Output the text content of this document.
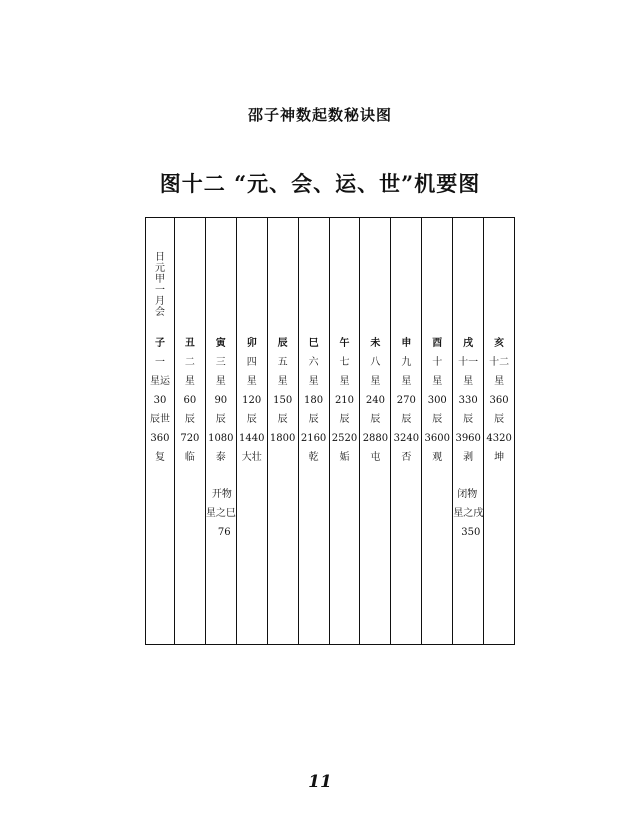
邵子神数起数秘诀图
图十二 “元、会、运、世”机要图
日
元
甲
一
月
会
子
一
星运
30
辰世
360
复
丑
二
星
60
辰
720
临
寅
三
星
90
辰
1080
泰
开物
星之巳
76
卯
四
星
120
辰
1440
大壮
辰
五
星
150
辰
1800
巳
六
星
180
辰
2160
乾
午
七
星
210
辰
2520
姤
未
八
星
240
辰
2880
屯
申
九
星
270
辰
3240
否
酉
十
星
300
辰
3600
观
戌
十一
星
330
辰
3960
剥
闭物
星之戌
350
亥
十二
星
360
辰
4320
坤
11
